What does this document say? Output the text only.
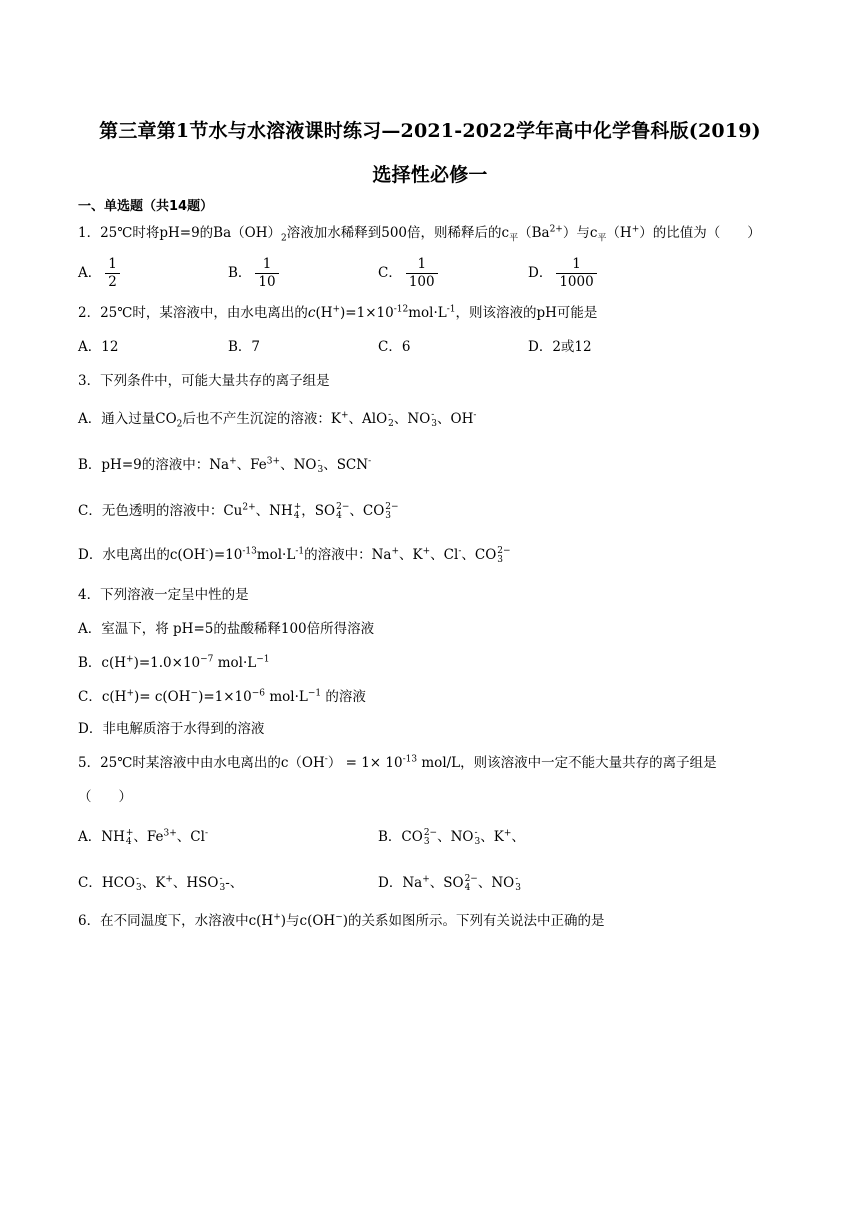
第三章第1节水与水溶液课时练习—2021-2022学年高中化学鲁科版(2019)
选择性必修一
一、单选题（共14题）
1．25℃时将pH=9的$Ba(OH)_2$溶液加水稀释到500倍，则稀释后的$c_平(Ba^{2+})$与$c_平(H^+)$的比值为（　　）
A． $\frac{1}{2}$	B． $\frac{1}{10}$	C． $\frac{1}{100}$	D． $\frac{1}{1000}$
2．25℃时，某溶液中，由水电离出的$c(H^+)=1\times 10^{-12}mol\cdot L^{-1}$，则该溶液的pH可能是
A．12	B．7	C．6	D．2或12
3．下列条件中，可能大量共存的离子组是
A．通入过量$CO_2$后也不产生沉淀的溶液：K+、AlO -
2 、NO -
3 、OH-
B．pH=9的溶液中：Na+、$Fe^{3+}$、NO -
3 、SCN-
C．无色透明的溶液中：$Cu^{2+}$、NH +
4 ，SO 2−
4 、CO 2−
3
D．水电离出的$c(OH^-)=10^{-13}mol\cdot L^{-1}$的溶液中：Na+、K+、Cl-、CO 2−
3
4．下列溶液一定呈中性的是
A．室温下，将 pH=5的盐酸稀释100倍所得溶液
B．$c(H^+)=1.0\times 10^{-7}$ $mol\cdot L^{-1}$
C．$c(H^+)= c(OH^-)=1\times 10^{-6}$ $mol\cdot L^{-1}$ 的溶液
D．非电解质溶于水得到的溶液
5．25℃时某溶液中由水电离出的$c(OH^-) = 1\times 10^{-13}$ mol/L，则该溶液中一定不能大量共存的离子组是
（　　）
A．NH +
4 、$Fe^{3+}$、Cl-	B．CO 2−
3 、NO -
3 、K+、
C．HCO -
3 、K+、HSO -
3 -、	D．Na+、SO 2−
4 、NO -
3
6．在不同温度下，水溶液中c(H+)与c(OH−)的关系如图所示。下列有关说法中正确的是
